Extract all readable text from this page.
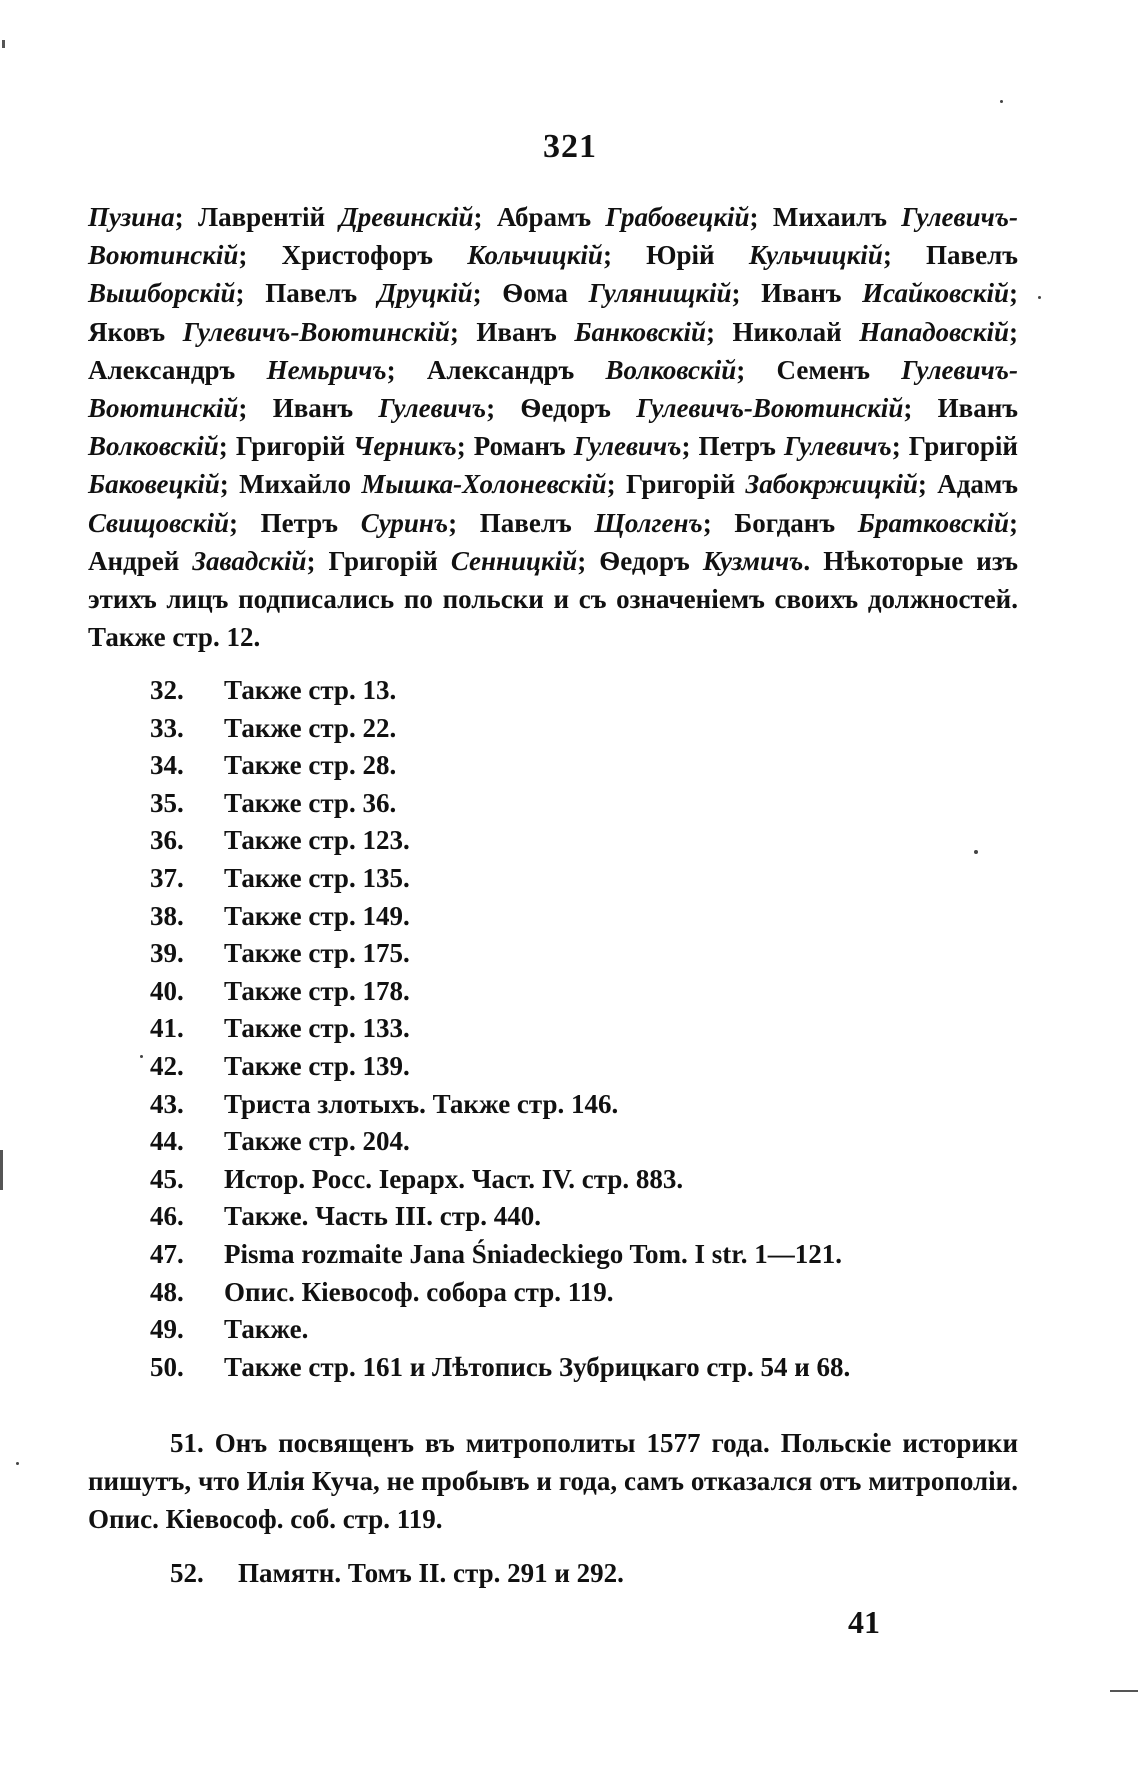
321
Пузина; Лаврентій Древинскій; Абрамъ Грабовецкій; Михаилъ Гулевичъ-Воютинскій; Христофоръ Кольчицкій; Юрій Кульчицкій; Павелъ Вышборскій; Павелъ Друцкій; Ѳома Гулянищкій; Иванъ Исайковскій; Яковъ Гулевичъ-Воютинскій; Иванъ Банковскій; Николай Нападовскій; Александръ Немьричъ; Александръ Волковскій; Семенъ Гулевичъ-Воютинскій; Иванъ Гулевичъ; Ѳедоръ Гулевичъ-Воютинскій; Иванъ Волковскій; Григорій Черникъ; Романъ Гулевичъ; Петръ Гулевичъ; Григорій Баковецкій; Михайло Мышка-Холоневскій; Григорій Забокржицкій; Адамъ Свищовскій; Петръ Суринъ; Павелъ Щолгенъ; Богданъ Братковскій; Андрей Завадскій; Григорій Сенницкій; Ѳедоръ Кузмичъ. Нѣкоторые изъ этихъ лицъ подписались по польски и съ означеніемъ своихъ должностей. Также стр. 12.
32. Также стр. 13.
33. Также стр. 22.
34. Также стр. 28.
35. Также стр. 36.
36. Также стр. 123.
37. Также стр. 135.
38. Также стр. 149.
39. Также стр. 175.
40. Также стр. 178.
41. Также стр. 133.
42. Также стр. 139.
43. Триста злотыхъ. Также стр. 146.
44. Также стр. 204.
45. Истор. Росс. Іерарх. Част. IV. стр. 883.
46. Также. Часть III. стр. 440.
47. Pisma rozmaite Jana Śniadeckiego Tom. I str. 1—121.
48. Опис. Кіевософ. собора стр. 119.
49. Также.
50. Также стр. 161 и Лѣтопись Зубрицкаго стр. 54 и 68.
51. Онъ посвященъ въ митрополиты 1577 года. Польскіе историки пишутъ, что Илія Куча, не пробывъ и года, самъ отказался отъ митрополіи. Опис. Кіевософ. соб. стр. 119.
52. Памятн. Томъ II. стр. 291 и 292.
41
